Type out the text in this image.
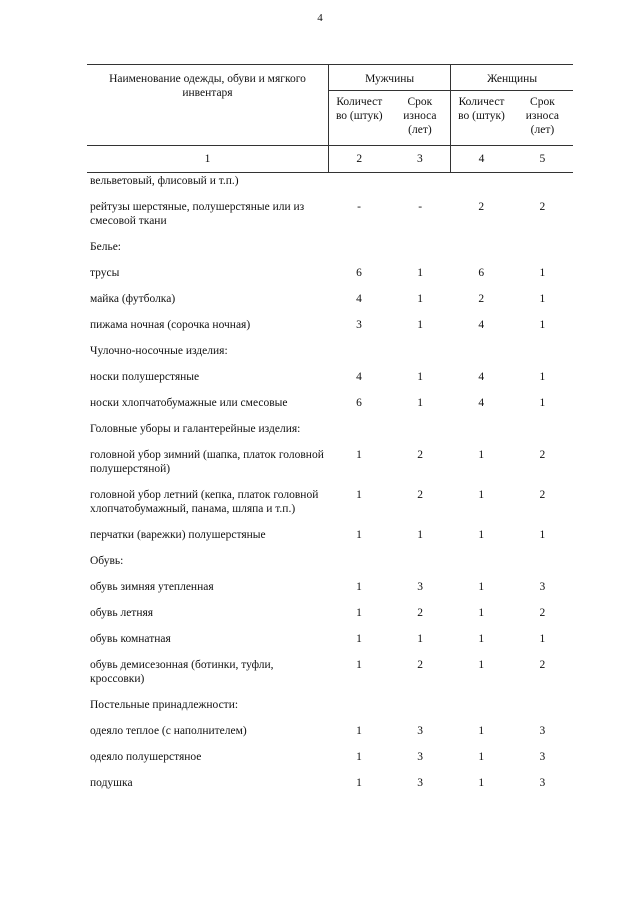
4
Наименование одежды, обуви и мягкого инвентаря	Мужчины		Женщины	
	Количест во (штук)	Срок износа (лет)	Количест во (штук)	Срок износа (лет)
1	2	3	4	5
вельветовый, флисовый и т.п.)				
рейтузы шерстяные, полушерстяные или из смесовой ткани	-	-	2	2
Белье:				
трусы	6	1	6	1
майка (футболка)	4	1	2	1
пижама ночная (сорочка ночная)	3	1	4	1
Чулочно-носочные изделия:				
носки полушерстяные	4	1	4	1
носки хлопчатобумажные или смесовые	6	1	4	1
Головные уборы и галантерейные изделия:				
головной убор зимний (шапка, платок головной полушерстяной)	1	2	1	2
головной убор летний (кепка, платок головной хлопчатобумажный, панама, шляпа и т.п.)	1	2	1	2
перчатки (варежки) полушерстяные	1	1	1	1
Обувь:				
обувь зимняя утепленная	1	3	1	3
обувь летняя	1	2	1	2
обувь комнатная	1	1	1	1
обувь демисезонная (ботинки, туфли, кроссовки)	1	2	1	2
Постельные принадлежности:				
одеяло теплое (с наполнителем)	1	3	1	3
одеяло полушерстяное	1	3	1	3
подушка	1	3	1	3
